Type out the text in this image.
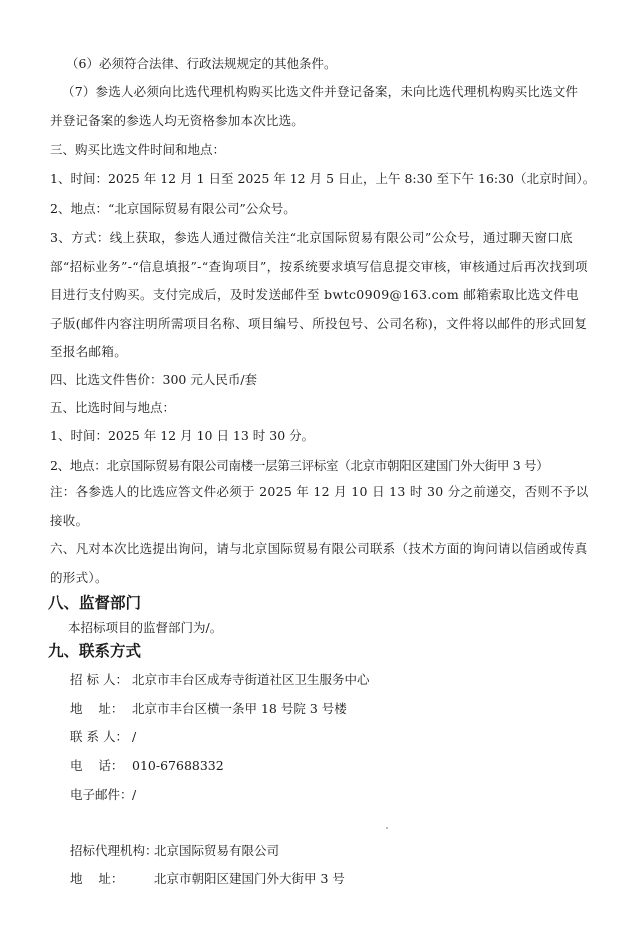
（6）必须符合法律、行政法规规定的其他条件。
（7）参选人必须向比选代理机构购买比选文件并登记备案，未向比选代理机构购买比选文件并登记备案的参选人均无资格参加本次比选。
三、购买比选文件时间和地点：
1、时间：2025 年 12 月 1 日至 2025 年 12 月 5 日止，上午 8:30 至下午 16:30（北京时间）。
2、地点：“北京国际贸易有限公司”公众号。
3、方式：线上获取，参选人通过微信关注“北京国际贸易有限公司”公众号，通过聊天窗口底部“招标业务”-“信息填报”-“查询项目”，按系统要求填写信息提交审核，审核通过后再次找到项目进行支付购买。支付完成后，及时发送邮件至 bwtc0909@163.com 邮箱索取比选文件电子版(邮件内容注明所需项目名称、项目编号、所投包号、公司名称)，文件将以邮件的形式回复至报名邮箱。
四、比选文件售价：300 元人民币/套
五、比选时间与地点：
1、时间：2025 年 12 月 10 日 13 时 30 分。
2、地点：北京国际贸易有限公司南楼一层第三评标室（北京市朝阳区建国门外大街甲 3 号）
注：各参选人的比选应答文件必须于 2025 年 12 月 10 日 13 时 30 分之前递交，否则不予以接收。
六、凡对本次比选提出询问，请与北京国际贸易有限公司联系（技术方面的询问请以信函或传真的形式）。
八、监督部门
本招标项目的监督部门为/。
九、联系方式
招 标 人： 北京市丰台区成寿寺街道社区卫生服务中心
地    址： 北京市丰台区横一条甲 18 号院 3 号楼
联 系 人： /
电    话： 010-67688332
电子邮件：/
招标代理机构：北京国际贸易有限公司
地    址： 北京市朝阳区建国门外大街甲 3 号
